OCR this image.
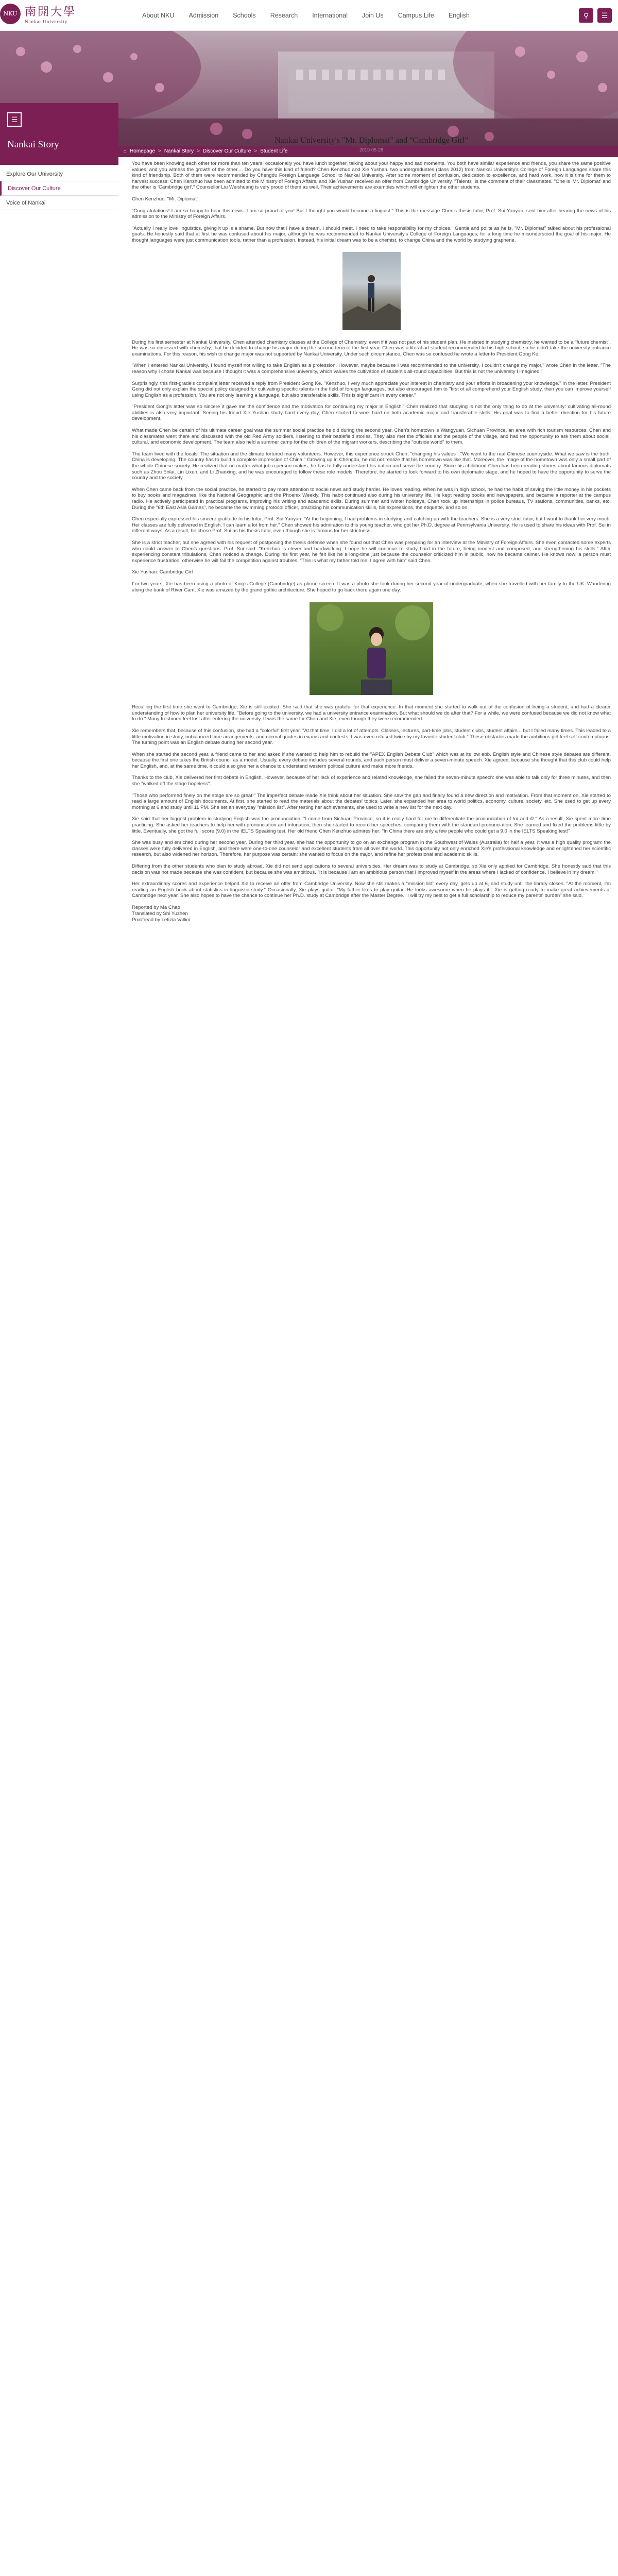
NKU 南開大學
Nankai University
About NKU	Admission	Schools	Research	International	Join Us	Campus Life	English	⚲	☰
⌂ Homepage > Nankai Story > Discover Our Culture > Student Life
☰
Nankai Story
Explore Our University
Discover Our Culture
Voice of Nankai
Nankai University's "Mr. Diplomat" and "Cambridge Girl"
2019-05-28

You have been knowing each other for more than ten years, occasionally you have lunch together, talking about your happy and sad moments. You both have similar experience and friends, you share the same positive values, and you witness the growth of the other.... Do you have this kind of friend? Chen Kenzhuo and Xie Yushan, two undergraduates (class 2012) from Nankai University's College of Foreign Languages share this kind of friendship. Both of them were recommended by Chengdu Foreign Language School to Nankai University. After some moment of confusion, dedication to excellence, and hard work, now it is time for them to harvest success: Chen Kenzhuo has been admitted to the Ministry of Foreign Affairs, and Xie Yushan received an offer from Cambridge University. "Talents" is the comment of their classmates. "One is 'Mr. Diplomat' and the other is 'Cambridge girl'." Counsellor Liu Weishuang is very proud of them as well. Their achievements are examples which will enlighten the other students.

Chen Kenzhuo: "Mr. Diplomat"

"Congratulations! I am so happy to hear this news. I am so proud of you! But I thought you would become a linguist." This is the message Chen's thesis tutor, Prof. Sui Yanyan, sent him after hearing the news of his admission to the Ministry of Foreign Affairs.

"Actually I really love linguistics, giving it up is a shame. But now that I have a dream, I should meet. I need to take responsibility for my choices." Gentle and polite as he is, "Mr. Diplomat" talked about his professional goals. He honestly said that at first he was confused about his major, although he was recommended to Nankai University's College of Foreign Languages; for a long time he misunderstood the goal of his major. He thought languages were just communication tools, rather than a profession. Instead, his initial dream was to be a chemist, to change China and the world by studying graphene.

During his first semester at Nankai University, Chen attended chemistry classes at the College of Chemistry, even if it was not part of his student plan. He insisted in studying chemistry, he wanted to be a "future chemist". He was so obsessed with chemistry, that he decided to change his major during the second term of the first year. Chen was a literal art student recommended to his high school, so he didn't take the university entrance examinations. For this reason, his wish to change major was not supported by Nankai University. Under such circumstance, Chen was so confused he wrote a letter to President Gong Ke.

"When I entered Nankai University, I found myself not willing to take English as a profession. However, maybe because I was recommended to the university, I couldn't change my major," wrote Chen in the letter. "The reason why I chose Nankai was because I thought it was a comprehensive university, which values the cultivation of student's all-round capabilities. But this is not the university I imagined."

Surprisingly, this first-grade's complaint letter received a reply from President Gong Ke. "Kenzhuo, I very much appreciate your interest in chemistry and your efforts in broadening your knowledge." In the letter, President Gong did not only explain the special policy designed for cultivating specific talents in the field of foreign languages, but also encouraged him to "first of all comprehend your English study, then you can improve yourself using English as a profession. You are not only learning a language, but also transferable skills. This is significant in every career."

"President Gong's letter was so sincere it gave me the confidence and the motivation for continuing my major in English." Chen realized that studying is not the only thing to do at the university: cultivating all-round abilities is also very important. Seeing his friend Xie Yushan study hard every day, Chen started to work hard on both academic major and transferable skills. His goal was to find a better direction for his future development.

What made Chen be certain of his ultimate career goal was the summer social practice he did during the second year. Chen's hometown is Wangyuan, Sichuan Province, an area with rich tourism resources. Chen and his classmates went there and discussed with the old Red Army soldiers, listening to their battlefield stories. They also met the officials and the people of the village, and had the opportunity to ask them about social, cultural, and economic development. The team also held a summer camp for the children of the migrant workers, describing the "outside world" to them.

The team lived with the locals. The situation and the climate tortured many volunteers. However, this experience struck Chen, "changing his values". "We went to the real Chinese countryside. What we saw is the truth. China is developing. The country has to build a complete impression of China." Growing up in Chengdu, he did not realize that his hometown was like that. Moreover, the image of the hometown was only a small part of the whole Chinese society. He realized that no matter what job a person makes, he has to fully understand his nation and serve the country. Since his childhood Chen has been reading stories about famous diplomats such as Zhou Enlai, Lin Lixun, and Li Zhaoxing, and he was encouraged to follow these role models. Therefore, he started to look forward to his own diplomatic stage, and he hoped to have the opportunity to serve the country and the society.

When Chen came back from the social practice, he started to pay more attention to social news and study harder. He loves reading. When he was in high school, he had the habit of saving the little money in his pockets to buy books and magazines, like the National Geographic and the Phoenix Weekly. This habit continued also during his university life. He kept reading books and newspapers, and became a reporter at the campus radio. He actively participated in practical programs, improving his writing and academic skills. During summer and winter holidays, Chen took up internships in police bureaus, TV stations, communities, banks, etc. During the "6th East Asia Games", he became the swimming protocol officer, practicing his communication skills, his expressions, the etiquette, and so on.

Chen especially expressed his sincere gratitude to his tutor, Prof. Sui Yanyan. "At the beginning, I had problems in studying and catching up with the teachers. She is a very strict tutor, but I want to thank her very much. Her classes are fully delivered in English. I can learn a lot from her." Chen showed his admiration to this young teacher, who got her Ph.D. degree at Pennsylvania University. He is used to share his ideas with Prof. Sui in different ways. As a result, he chose Prof. Sui as his thesis tutor, even though she is famous for her strictness.

She is a strict teacher, but she agreed with his request of postponing the thesis defense when she found out that Chen was preparing for an interview at the Ministry of Foreign Affairs. She even contacted some experts who could answer to Chen's questions. Prof. Sui said: "Kenzhuo is clever and hardworking. I hope he will continue to study hard in the future, being modest and composed, and strengthening his skills." After experiencing constant tribulations, Chen noticed a change. During his first year, he felt like he a long-time just because the counselor criticized him in public, now he became calmer. He knows now: a person must experience frustration, otherwise he will fail the competition against troubles. "This is what my father told me. I agree with him" said Chen.

Xie Yushan: Cambridge Girl

For two years, Xie has been using a photo of King's College (Cambridge) as phone screen. It was a photo she took during her second year of undergraduate, when she travelled with her family to the UK. Wandering along the bank of River Cam, Xie was amazed by the grand gothic architecture. She hoped to go back there again one day.

Recalling the first time she went to Cambridge, Xie is still excited. She said that she was grateful for that experience. In that moment she started to walk out of the confusion of being a student, and had a clearer understanding of how to plan her university life. "Before going to the university, we had a university entrance examination. But what should we do after that? For a while, we were confused because we did not know what to do." Many freshmen feel lost after entering the university. It was the same for Chen and Xie, even though they were recommended.

Xie remembers that, because of this confusion, she had a "colorful" first year. "At that time, I did a lot of attempts. Classes, lectures, part-time jobs, student clubs, student affairs... but I failed many times. This leaded to a little motivation in study, unbalanced time arrangements, and normal grades in exams and contests. I was even refused twice by my favorite student club." These obstacles made the ambitious girl feel self-contemptuous. The turning point was an English debate during her second year.

When she started the second year, a friend came to her and asked if she wanted to help him to rebuild the "APEX English Debate Club" which was at its low ebb. English style and Chinese style debates are different, because the first one takes the British council as a model. Usually, every debate includes several rounds, and each person must deliver a seven-minute speech. Xie agreed, because she thought that this club could help her English, and, at the same time, it could also give her a chance to understand western political culture and make more friends.

Thanks to the club, Xie delivered her first debate in English. However, because of her lack of experience and related knowledge, she failed the seven-minute speech: she was able to talk only for three minutes, and then she "walked off the stage hopeless".

"Those who performed finely on the stage are so great!" The imperfect debate made Xie think about her situation. She saw the gap and finally found a new direction and motivation. From that moment on, Xie started to read a large amount of English documents. At first, she started to read the materials about the debates' topics. Later, she expanded her area to world politics, economy, culture, society, etc. She used to get up every morning at 6 and study until 11 PM. She set an everyday "mission list". After testing her achievements, she used to write a new list for the next day.

Xie said that her biggest problem in studying English was the pronunciation. "I come from Sichuan Province, so it is really hard for me to differentiate the pronunciation of /n/ and /l/." As a result, Xie spent more time practicing. She asked her teachers to help her with pronunciation and intonation, then she started to record her speeches, comparing them with the standard pronunciation. She learned and fixed the problems little by little. Eventually, she got the full score (9.0) in the IELTS Speaking test. Her old friend Chen Kenzhuo admires her: "In China there are only a few people who could get a 9.0 in the IELTS Speaking test!"

She was busy and enriched during her second year. During her third year, she had the opportunity to go on an exchange program in the Southwest of Wales (Australia) for half a year. It was a high quality program: the classes were fully delivered in English, and there were one-to-one counselor and excellent students from all over the world. This opportunity not only enriched Xie's professional knowledge and enlightened her scientific research, but also widened her horizon. Therefore, her purpose was certain: she wanted to focus on the major, and refine her professional and academic skills.

Differing from the other students who plan to study abroad, Xie did not send applications to several universities. Her dream was to study at Cambridge, so Xie only applied for Cambridge. She honestly said that this decision was not made because she was confident, but because she was ambitious. "It is because I am an ambitious person that I improved myself in the areas where I lacked of confidence. I believe in my dream."

Her extraordinary scores and experience helped Xie to receive an offer from Cambridge University. Now she still makes a "mission list" every day, gets up at 6, and study until the library closes. "At the moment, I'm reading an English book about statistics in linguistic study." Occasionally, Xie plays guitar. "My father likes to play guitar. He looks awesome when he plays it." Xie is getting ready to make great achievements at Cambridge next year. She also hopes to have the chance to continue her Ph.D. study at Cambridge after the Master Degree. "I will try my best to get a full scholarship to reduce my parents' burden" she said.

Reported by Ma Chao
Translated by Shi Yuzhen
Proofread by Letizia Vallini
